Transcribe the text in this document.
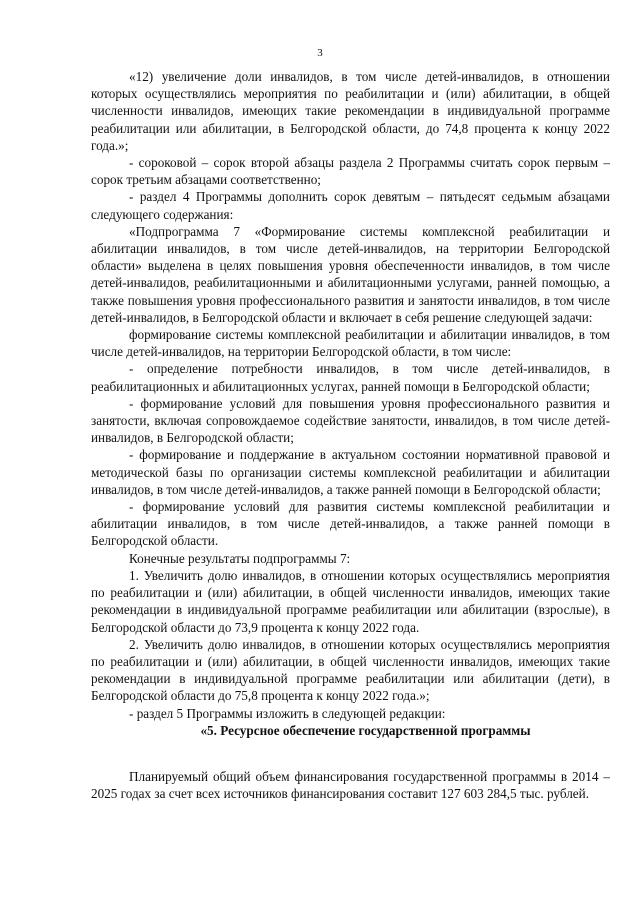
3

«12) увеличение доли инвалидов, в том числе детей-инвалидов, в отношении которых осуществлялись мероприятия по реабилитации и (или) абилитации, в общей численности инвалидов, имеющих такие рекомендации в индивидуальной программе реабилитации или абилитации, в Белгородской области, до 74,8 процента к концу 2022 года.»;

- сороковой – сорок второй абзацы раздела 2 Программы считать сорок первым – сорок третьим абзацами соответственно;

- раздел 4 Программы дополнить сорок девятым – пятьдесят седьмым абзацами следующего содержания:

«Подпрограмма 7 «Формирование системы комплексной реабилитации и абилитации инвалидов, в том числе детей-инвалидов, на территории Белгородской области» выделена в целях повышения уровня обеспеченности инвалидов, в том числе детей-инвалидов, реабилитационными и абилитационными услугами, ранней помощью, а также повышения уровня профессионального развития и занятости инвалидов, в том числе детей-инвалидов, в Белгородской области и включает в себя решение следующей задачи:

формирование системы комплексной реабилитации и абилитации инвалидов, в том числе детей-инвалидов, на территории Белгородской области, в том числе:

- определение потребности инвалидов, в том числе детей-инвалидов, в реабилитационных и абилитационных услугах, ранней помощи в Белгородской области;

- формирование условий для повышения уровня профессионального развития и занятости, включая сопровождаемое содействие занятости, инвалидов, в том числе детей-инвалидов, в Белгородской области;

- формирование и поддержание в актуальном состоянии нормативной правовой и методической базы по организации системы комплексной реабилитации и абилитации инвалидов, в том числе детей-инвалидов, а также ранней помощи в Белгородской области;

- формирование условий для развития системы комплексной реабилитации и абилитации инвалидов, в том числе детей-инвалидов, а также ранней помощи в Белгородской области.

Конечные результаты подпрограммы 7:

1. Увеличить долю инвалидов, в отношении которых осуществлялись мероприятия по реабилитации и (или) абилитации, в общей численности инвалидов, имеющих такие рекомендации в индивидуальной программе реабилитации или абилитации (взрослые), в Белгородской области до 73,9 процента к концу 2022 года.

2. Увеличить долю инвалидов, в отношении которых осуществлялись мероприятия по реабилитации и (или) абилитации, в общей численности инвалидов, имеющих такие рекомендации в индивидуальной программе реабилитации или абилитации (дети), в Белгородской области до 75,8 процента к концу 2022 года.»;

- раздел 5 Программы изложить в следующей редакции:

«5. Ресурсное обеспечение государственной программы

Планируемый общий объем финансирования государственной программы в 2014 – 2025 годах за счет всех источников финансирования составит 127 603 284,5 тыс. рублей.
